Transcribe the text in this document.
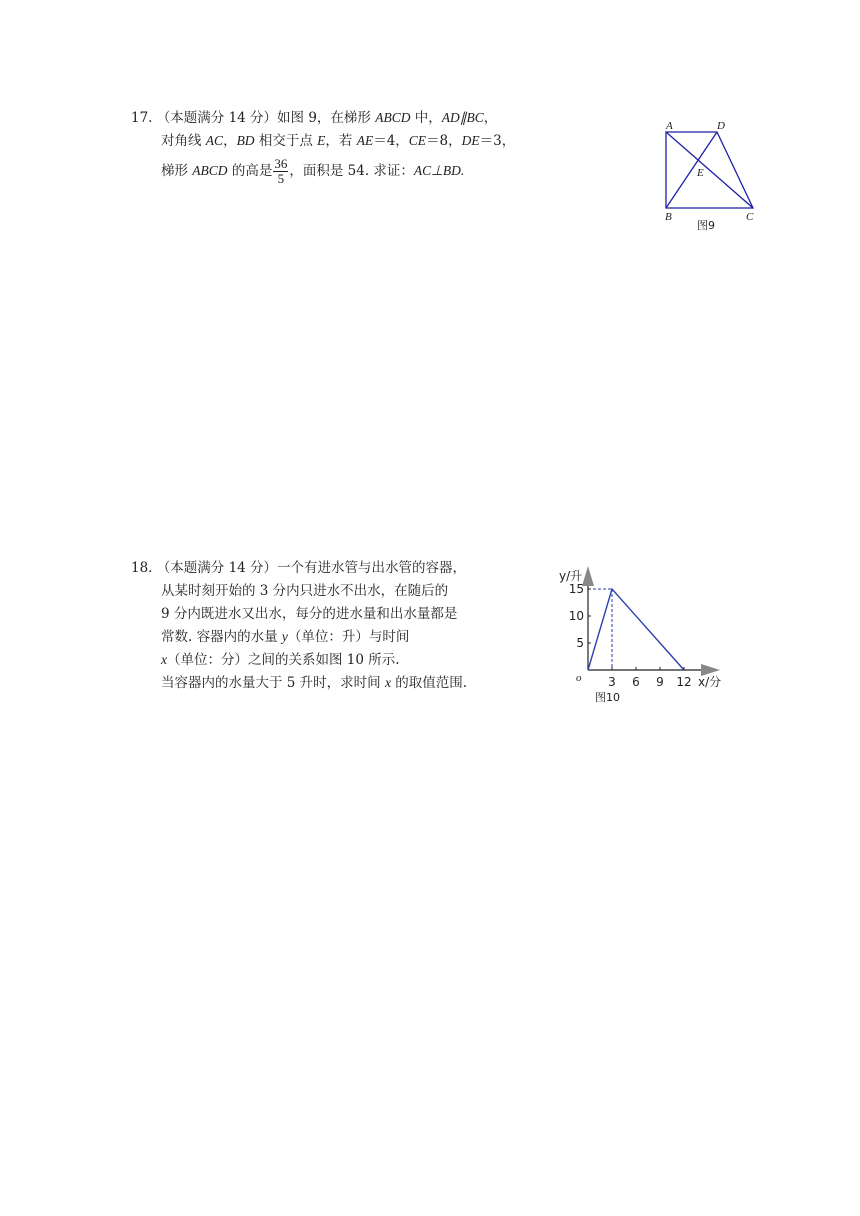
17. （本题满分 14 分）如图 9，在梯形 ABCD 中，AD∥BC，
对角线 AC，BD 相交于点 E，若 AE＝4，CE＝8，DE＝3，
梯形 ABCD 的高是 $\frac{36}{5}$ ，面积是 54. 求证：AC⊥BD.
A	D
B	C
E
图9
18. （本题满分 14 分）一个有进水管与出水管的容器，
从某时刻开始的 3 分内只进水不出水，在随后的
9 分内既进水又出水，每分的进水量和出水量都是
常数. 容器内的水量 y（单位：升）与时间
x（单位：分）之间的关系如图 10 所示.
当容器内的水量大于 5 升时，求时间 x 的取值范围.	x/分
y/升
o
图10
3 6 9 12
5
10
15
